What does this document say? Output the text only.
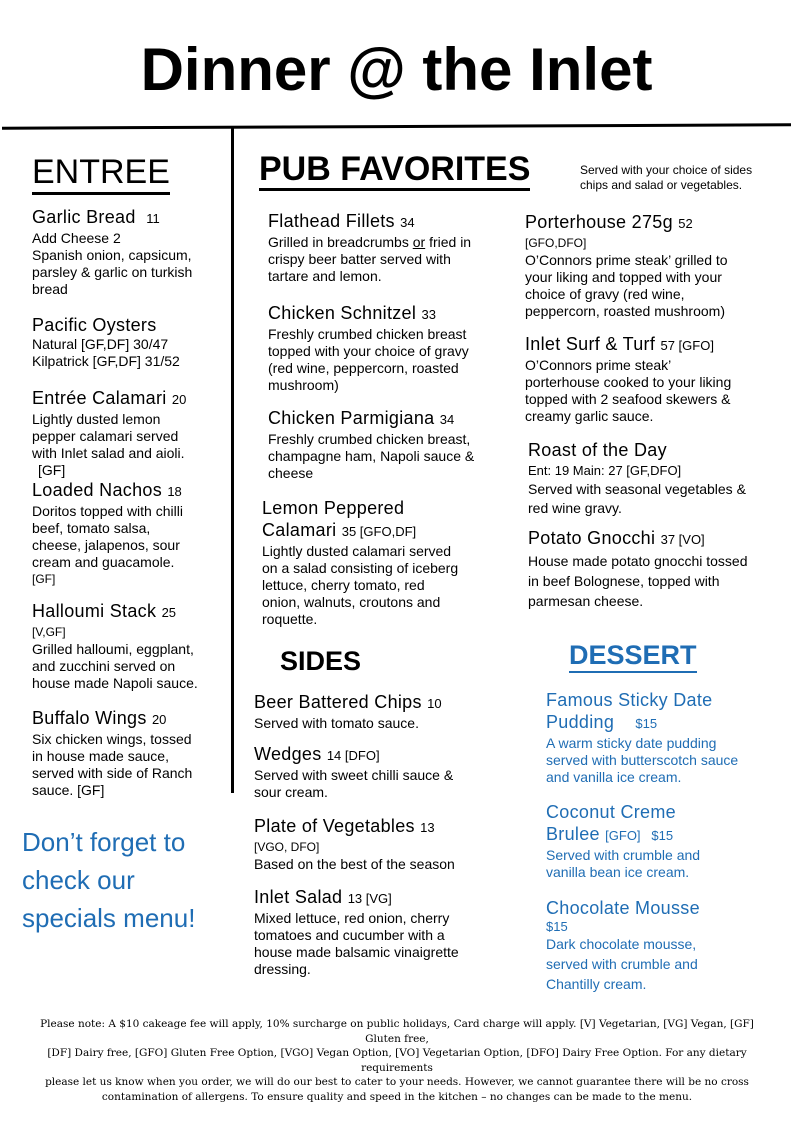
Dinner @ the Inlet
ENTREE
Garlic Bread 11
Add Cheese 2
Spanish onion, capsicum,
parsley & garlic on turkish
bread
Pacific Oysters
Natural [GF,DF] 30/47
Kilpatrick [GF,DF] 31/52
Entrée Calamari 20
Lightly dusted lemon
pepper calamari served
with Inlet salad and aioli.
[GF]
Loaded Nachos 18
Doritos topped with chilli
beef, tomato salsa,
cheese, jalapenos, sour
cream and guacamole.
[GF]
Halloumi Stack 25
[V,GF]
Grilled halloumi, eggplant,
and zucchini served on
house made Napoli sauce.
Buffalo Wings 20
Six chicken wings, tossed
in house made sauce,
served with side of Ranch
sauce. [GF]
Don’t forget to
check our
specials menu!
PUB FAVORITES	Served with your choice of sides
chips and salad or vegetables.
Flathead Fillets 34
Grilled in breadcrumbs or fried in
crispy beer batter served with
tartare and lemon.
Chicken Schnitzel 33
Freshly crumbed chicken breast
topped with your choice of gravy
(red wine, peppercorn, roasted
mushroom)
Chicken Parmigiana 34
Freshly crumbed chicken breast,
champagne ham, Napoli sauce &
cheese
Lemon Peppered
Calamari 35 [GFO,DF]
Lightly dusted calamari served
on a salad consisting of iceberg
lettuce, cherry tomato, red
onion, walnuts, croutons and
roquette.
Porterhouse 275g 52
[GFO,DFO]
O’Connors prime steak’ grilled to
your liking and topped with your
choice of gravy (red wine,
peppercorn, roasted mushroom)
Inlet Surf & Turf 57 [GFO]
O’Connors prime steak’
porterhouse cooked to your liking
topped with 2 seafood skewers &
creamy garlic sauce.
Roast of the Day
Ent: 19 Main: 27 [GF,DFO]
Served with seasonal vegetables &
red wine gravy.
Potato Gnocchi 37 [VO]
House made potato gnocchi tossed
in beef Bolognese, topped with
parmesan cheese.
SIDES
Beer Battered Chips 10
Served with tomato sauce.
Wedges 14 [DFO]
Served with sweet chilli sauce &
sour cream.
Plate of Vegetables 13
[VGO, DFO]
Based on the best of the season
Inlet Salad 13 [VG]
Mixed lettuce, red onion, cherry
tomatoes and cucumber with a
house made balsamic vinaigrette
dressing.
DESSERT
Famous Sticky Date
Pudding $15
A warm sticky date pudding
served with butterscotch sauce
and vanilla ice cream.
Coconut Creme
Brulee [GFO]   $15
Served with crumble and
vanilla bean ice cream.
Chocolate Mousse
$15
Dark chocolate mousse,
served with crumble and
Chantilly cream.
Please note: A $10 cakeage fee will apply, 10% surcharge on public holidays, Card charge will apply. [V] Vegetarian, [VG] Vegan, [GF] Gluten free,
[DF] Dairy free, [GFO] Gluten Free Option, [VGO] Vegan Option, [VO] Vegetarian Option, [DFO] Dairy Free Option. For any dietary requirements
please let us know when you order, we will do our best to cater to your needs. However, we cannot guarantee there will be no cross
contamination of allergens. To ensure quality and speed in the kitchen – no changes can be made to the menu.
